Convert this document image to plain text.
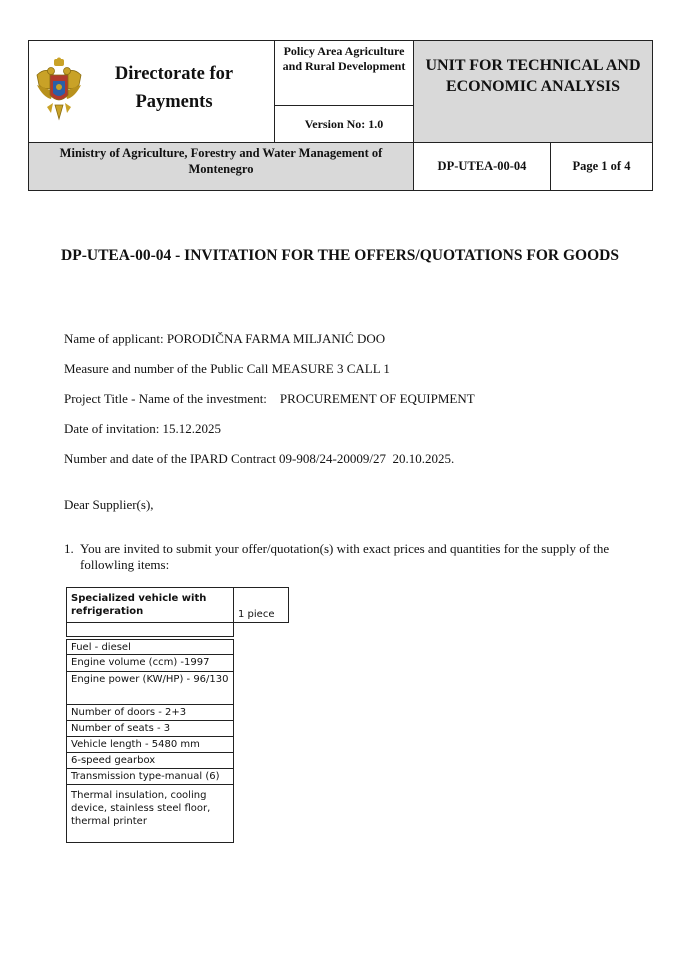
Directorate for Payments
Policy Area Agriculture and Rural Development
Version No: 1.0
UNIT FOR TECHNICAL AND ECONOMIC ANALYSIS
Ministry of Agriculture, Forestry and Water Management of Montenegro	DP-UTEA-00-04	Page 1 of 4
DP-UTEA-00-04 - INVITATION FOR THE OFFERS/QUOTATIONS FOR GOODS
Name of applicant: PORODIČNA FARMA MILJANIĆ DOO
Measure and number of the Public Call MEASURE 3 CALL 1
Project Title - Name of the investment:    PROCUREMENT OF EQUIPMENT
Date of invitation: 15.12.2025
Number and date of the IPARD Contract 09-908/24-20009/27  20.10.2025.
Dear Supplier(s),
1. You are invited to submit your offer/quotation(s) with exact prices and quantities for the supply of the followling items:
Specialized vehicle with refrigeration	1 piece
Fuel - diesel
Engine volume (ccm) -1997
Engine power (KW/HP) - 96/130
Number of doors - 2+3
Number of seats - 3
Vehicle length - 5480 mm
6-speed gearbox
Transmission type-manual (6)
Thermal insulation, cooling device, stainless steel floor, thermal printer
